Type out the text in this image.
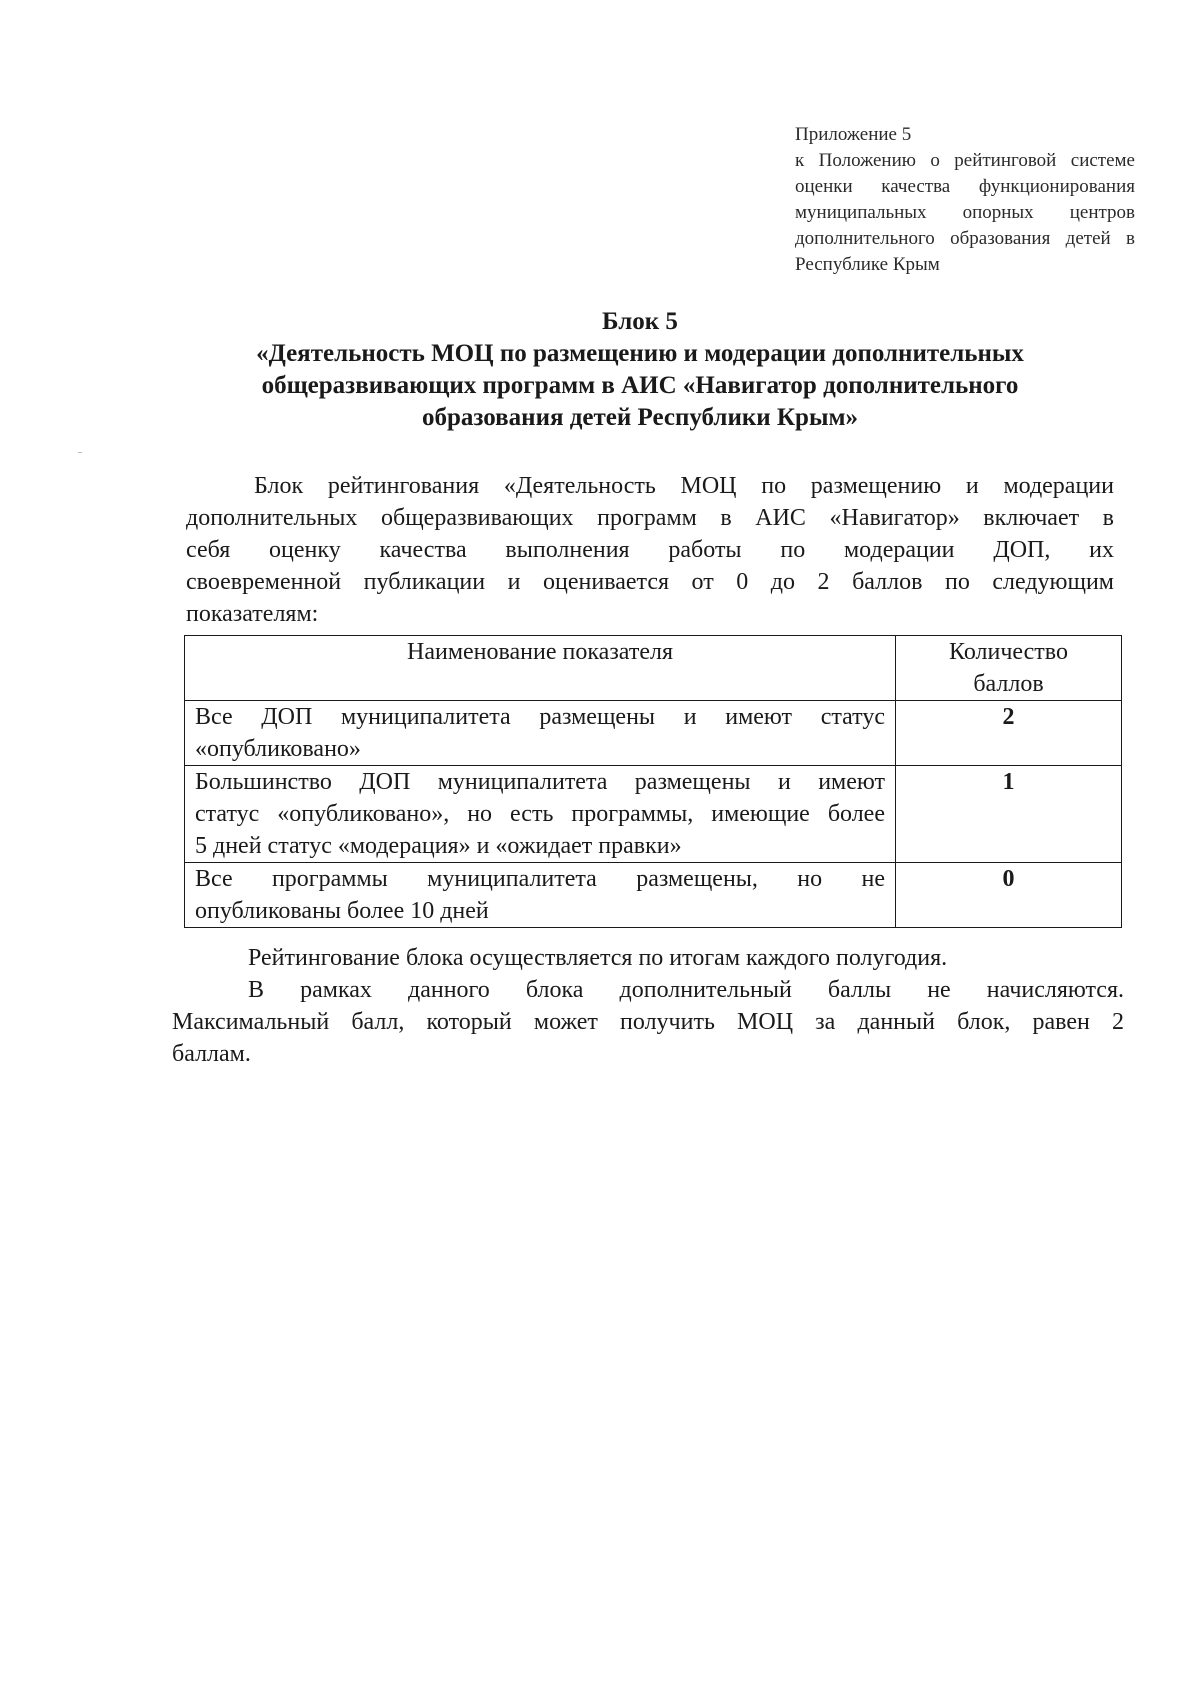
Приложение 5
к Положению о рейтинговой системе
оценки качества функционирования
муниципальных опорных центров
дополнительного образования детей в
Республике Крым
Блок 5
«Деятельность МОЦ по размещению и модерации дополнительных
общеразвивающих программ в АИС «Навигатор дополнительного
образования детей Республики Крым»
Блок рейтингования «Деятельность МОЦ по размещению и модерации
дополнительных общеразвивающих программ в АИС «Навигатор» включает в
себя оценку качества выполнения работы по модерации ДОП, их
своевременной публикации и оценивается от 0 до 2 баллов по следующим
показателям:
Наименование показателя	Количество
баллов

Все ДОП муниципалитета размещены и имеют статус
«опубликовано»	2

Большинство ДОП муниципалитета размещены и имеют
статус «опубликовано», но есть программы, имеющие более
5 дней статус «модерация» и «ожидает правки»	1

Все программы муниципалитета размещены, но не
опубликованы более 10 дней	0
Рейтингование блока осуществляется по итогам каждого полугодия.
В рамках данного блока дополнительный баллы не начисляются.
Максимальный балл, который может получить МОЦ за данный блок, равен 2
баллам.
